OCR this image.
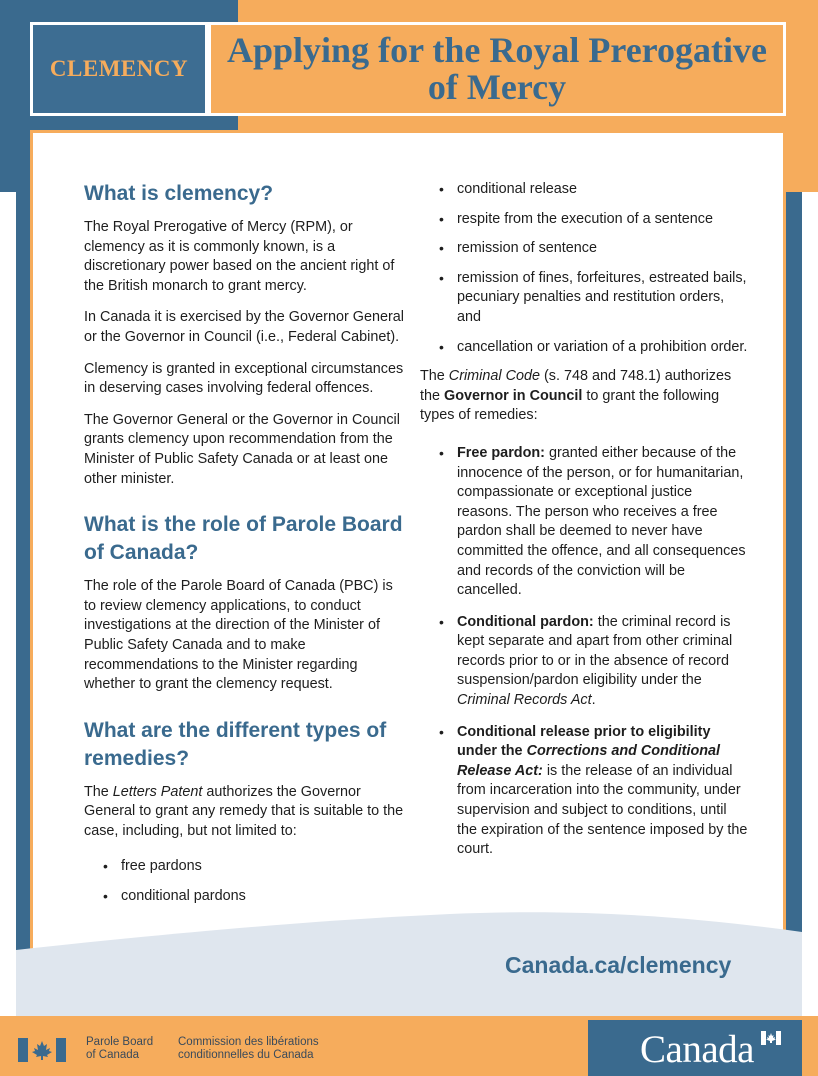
CLEMENCY	Applying for the Royal Prerogative of Mercy
What is clemency?

The Royal Prerogative of Mercy (RPM), or clemency as it is commonly known, is a discretionary power based on the ancient right of the British monarch to grant mercy.

In Canada it is exercised by the Governor General or the Governor in Council (i.e., Federal Cabinet).

Clemency is granted in exceptional circumstances in deserving cases involving federal offences.

The Governor General or the Governor in Council grants clemency upon recommendation from the Minister of Public Safety Canada or at least one other minister.

What is the role of Parole Board of Canada?

The role of the Parole Board of Canada (PBC) is to review clemency applications, to conduct investigations at the direction of the Minister of Public Safety Canada and to make recommendations to the Minister regarding whether to grant the clemency request.

What are the different types of remedies?

The Letters Patent authorizes the Governor General to grant any remedy that is suitable to the case, including, but not limited to:

• free pardons
• conditional pardons
• conditional release
• respite from the execution of a sentence
• remission of sentence
• remission of fines, forfeitures, estreated bails, pecuniary penalties and restitution orders, and
• cancellation or variation of a prohibition order.

The Criminal Code (s. 748 and 748.1) authorizes the Governor in Council to grant the following types of remedies:

• Free pardon: granted either because of the innocence of the person, or for humanitarian, compassionate or exceptional justice reasons. The person who receives a free pardon shall be deemed to never have committed the offence, and all consequences and records of the conviction will be cancelled.
• Conditional pardon: the criminal record is kept separate and apart from other criminal records prior to or in the absence of record suspension/pardon eligibility under the Criminal Records Act.
• Conditional release prior to eligibility under the Corrections and Conditional Release Act: is the release of an individual from incarceration into the community, under supervision and subject to conditions, until the expiration of the sentence imposed by the court.
Canada.ca/clemency
Parole Board
of Canada
Commission des libérations
conditionnelles du Canada	Canada
